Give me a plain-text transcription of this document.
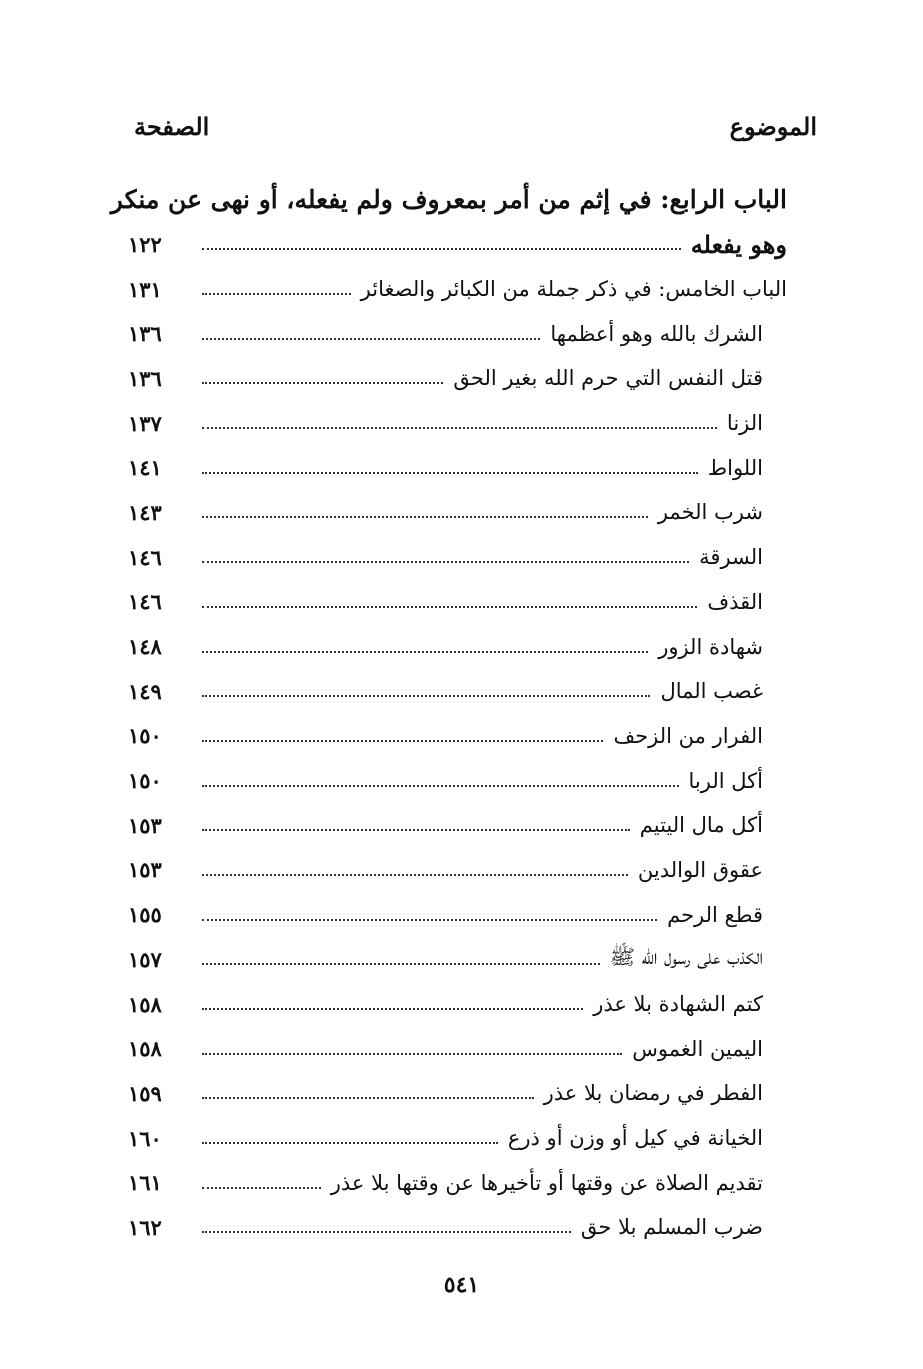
الموضوع
الصفحة
الباب الرابع: في إثم من أمر بمعروف ولم يفعله، أو نهى عن منكر
وهو يفعله
١٢٢
الباب الخامس: في ذكر جملة من الكبائر والصغائر
١٣١
الشرك بالله وهو أعظمها
١٣٦
قتل النفس التي حرم الله بغير الحق
١٣٦
الزنا
١٣٧
اللواط
١٤١
شرب الخمر
١٤٣
السرقة
١٤٦
القذف
١٤٦
شهادة الزور
١٤٨
غصب المال
١٤٩
الفرار من الزحف
١٥٠
أكل الربا
١٥٠
أكل مال اليتيم
١٥٣
عقوق الوالدين
١٥٣
قطع الرحم
١٥٥
الكذب على رسول الله ﷺ
١٥٧
كتم الشهادة بلا عذر
١٥٨
اليمين الغموس
١٥٨
الفطر في رمضان بلا عذر
١٥٩
الخيانة في كيل أو وزن أو ذرع
١٦٠
تقديم الصلاة عن وقتها أو تأخيرها عن وقتها بلا عذر
١٦١
ضرب المسلم بلا حق
١٦٢
٥٤١
